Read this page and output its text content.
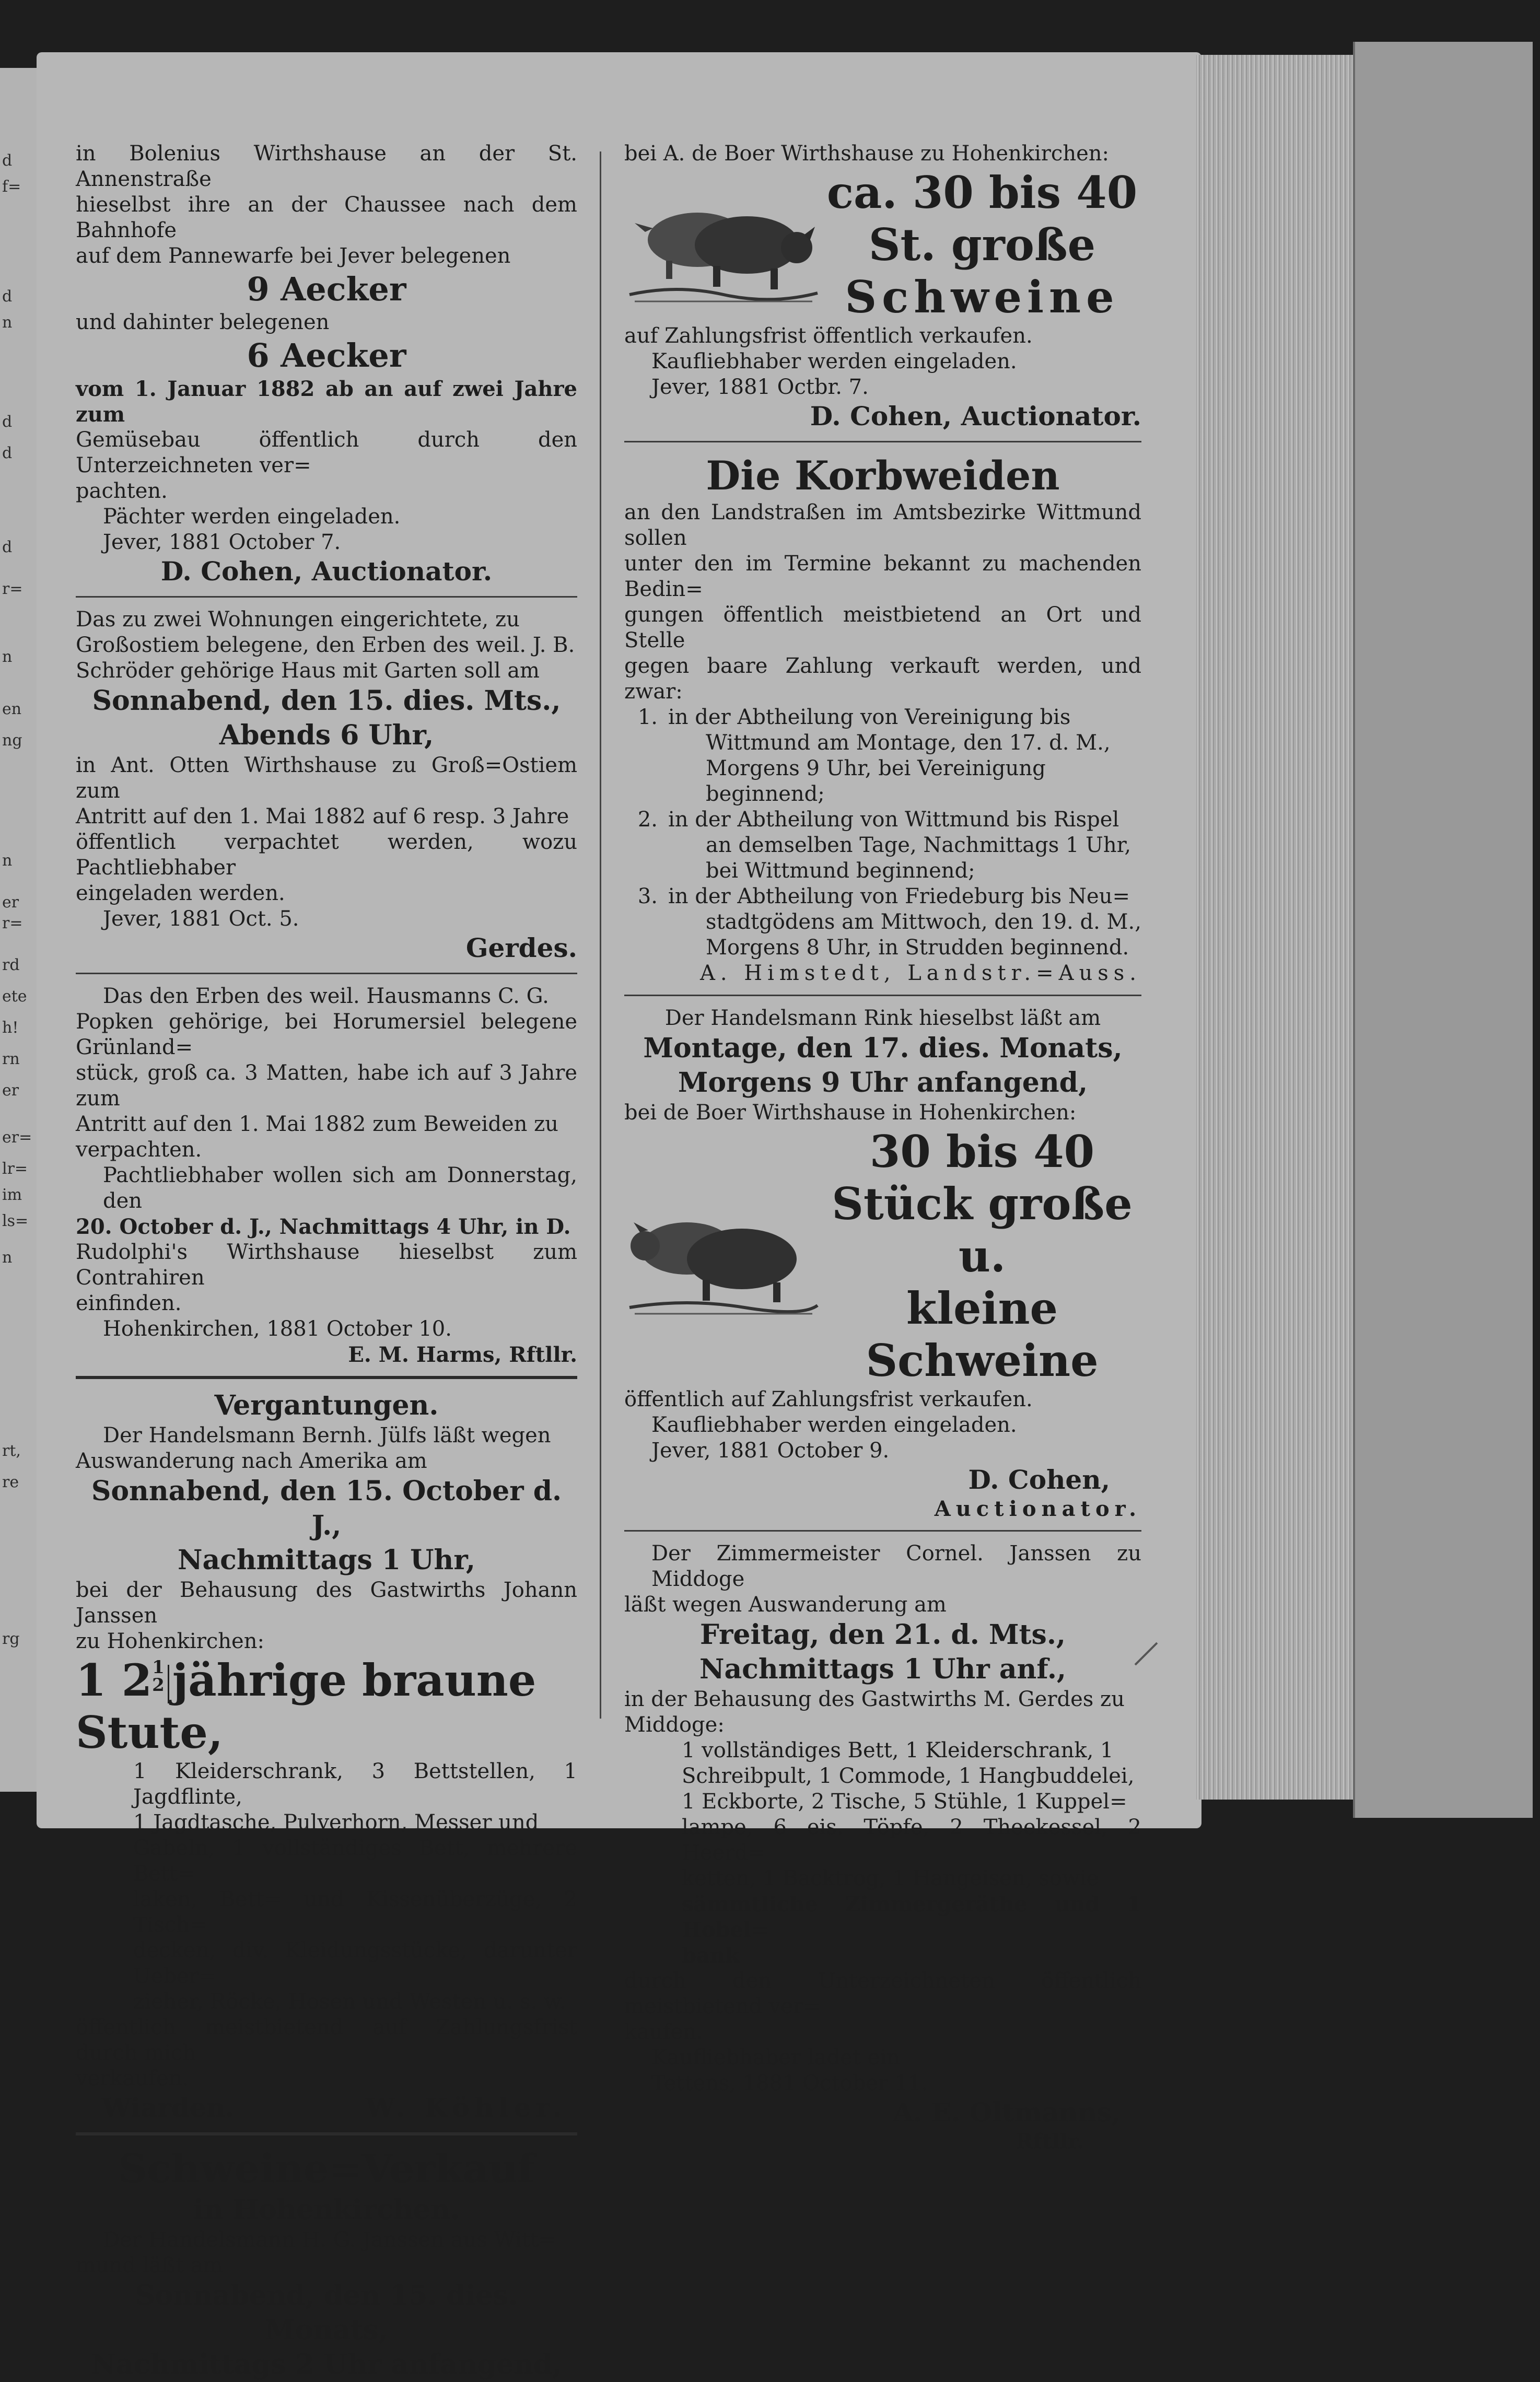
d
f=
d
n
d
d
d
r=
n
en
ng
n
er
r=
rd
ete
h!
rn
er
er=
lr=
im
ls=
n
rt,
re
rg
in Bolenius Wirthshause an der St. Annenstraße
hieselbst ihre an der Chaussee nach dem Bahnhofe
auf dem Pannewarfe bei Jever belegenen
9 Aecker
und dahinter belegenen
6 Aecker
vom 1. Januar 1882 ab an auf zwei Jahre zum
Gemüsebau öffentlich durch den Unterzeichneten ver=
pachten.
Pächter werden eingeladen.
Jever, 1881 October 7.
D. Cohen, Auctionator.
Das zu zwei Wohnungen eingerichtete, zu
Großostiem belegene, den Erben des weil. J. B.
Schröder gehörige Haus mit Garten soll am
Sonnabend, den 15. dies. Mts.,
Abends 6 Uhr,
in Ant. Otten Wirthshause zu Groß=Ostiem zum
Antritt auf den 1. Mai 1882 auf 6 resp. 3 Jahre
öffentlich verpachtet werden, wozu Pachtliebhaber
eingeladen werden.
Jever, 1881 Oct. 5.
Gerdes.
Das den Erben des weil. Hausmanns C. G.
Popken gehörige, bei Horumersiel belegene Grünland=
stück, groß ca. 3 Matten, habe ich auf 3 Jahre zum
Antritt auf den 1. Mai 1882 zum Beweiden zu
verpachten.
Pachtliebhaber wollen sich am Donnerstag, den
20. October d. J., Nachmittags 4 Uhr, in D.
Rudolphi's Wirthshause hieselbst zum Contrahiren
einfinden.
Hohenkirchen, 1881 October 10.
E. M. Harms, Rftllr.
Vergantungen.
Der Handelsmann Bernh. Jülfs läßt wegen
Auswanderung nach Amerika am
Sonnabend, den 15. October d. J.,
Nachmittags 1 Uhr,
bei der Behausung des Gastwirths Johann Janssen
zu Hohenkirchen:
1 2 1
2 jährige braune Stute,
1 Kleiderschrank, 3 Bettstellen, 1 Jagdflinte,
1 Jagdtasche, Pulverhorn, Messer und
Gabeln, 1 vollständiges Bett, mehrere Bett=
laken, Bett= und Kissenüberzüge, 2 Tisch=
decken, div. Kleidungsstücke, darunter Ueber=
zieher, Röcke, Hosen und Westen u. s. w.
öffentlich meistbietend auf Zahlungsfrist durch mich
verkaufen.
Wiarden.	W. Köhler.
Schweine=Verkauf
in Hohenkirchen.
Der Handelsmann H. G. Janssen aus Witt=
mund läßt am
Sonnabend, den 15. dies. Monats,
Nachmittags 2 Uhr anfangend,
bei A. de Boer Wirthshause zu Hohenkirchen:
ca. 30 bis 40
St. große
Schweine
auf Zahlungsfrist öffentlich verkaufen.
Kaufliebhaber werden eingeladen.
Jever, 1881 Octbr. 7.
D. Cohen, Auctionator.
Die Korbweiden
an den Landstraßen im Amtsbezirke Wittmund sollen
unter den im Termine bekannt zu machenden Bedin=
gungen öffentlich meistbietend an Ort und Stelle
gegen baare Zahlung verkauft werden, und zwar:
1. in der Abtheilung von Vereinigung bis
Wittmund am Montage, den 17. d. M.,
Morgens 9 Uhr, bei Vereinigung beginnend;
2. in der Abtheilung von Wittmund bis Rispel
an demselben Tage, Nachmittags 1 Uhr,
bei Wittmund beginnend;
3. in der Abtheilung von Friedeburg bis Neu=
stadtgödens am Mittwoch, den 19. d. M.,
Morgens 8 Uhr, in Strudden beginnend.
A. Himstedt, Landstr.=Auss.
Der Handelsmann Rink hieselbst läßt am
Montage, den 17. dies. Monats,
Morgens 9 Uhr anfangend,
bei de Boer Wirthshause in Hohenkirchen:
30 bis 40
Stück große u.
kleine Schweine
öffentlich auf Zahlungsfrist verkaufen.
Kaufliebhaber werden eingeladen.
Jever, 1881 October 9.
D. Cohen,
Auctionator.
Der Zimmermeister Cornel. Janssen zu Middoge
läßt wegen Auswanderung am
Freitag, den 21. d. Mts.,
Nachmittags 1 Uhr anf.,
in der Behausung des Gastwirths M. Gerdes zu
Middoge:
1 vollständiges Bett, 1 Kleiderschrank, 1
Schreibpult, 1 Commode, 1 Hangbuddelei,
1 Eckborte, 2 Tische, 5 Stühle, 1 Kuppel=
lampe, 6 eis. Töpfe, 2 Theekessel, 2 Heerd=
ketten, 1 Backtrog, 1 Hangeisen, sowie
sämmtliche Zimmergeräthe und 1 Hobel=
bank
durch den Unterzeichneten öffentlich meistbietend ver=
kaufen.
Kaufliebhaber ladet ein
Tettens, 1881 October 11.
A. E. Oltmanns,
Rftllr.
